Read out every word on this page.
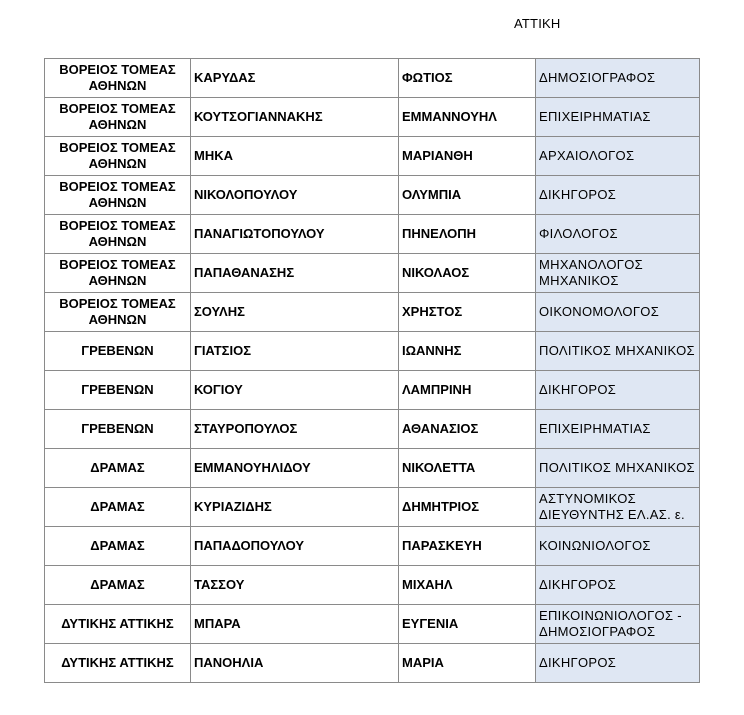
ΑΤΤΙΚΗ
ΒΟΡΕΙΟΣ ΤΟΜΕΑΣ ΑΘΗΝΩΝ	ΚΑΡΥΔΑΣ	ΦΩΤΙΟΣ	ΔΗΜΟΣΙΟΓΡΑΦΟΣ
ΒΟΡΕΙΟΣ ΤΟΜΕΑΣ ΑΘΗΝΩΝ	ΚΟΥΤΣΟΓΙΑΝΝΑΚΗΣ	ΕΜΜΑΝΝΟΥΗΛ	ΕΠΙΧΕΙΡΗΜΑΤΙΑΣ
ΒΟΡΕΙΟΣ ΤΟΜΕΑΣ ΑΘΗΝΩΝ	ΜΗΚΑ	ΜΑΡΙΑΝΘΗ	ΑΡΧΑΙΟΛΟΓΟΣ
ΒΟΡΕΙΟΣ ΤΟΜΕΑΣ ΑΘΗΝΩΝ	ΝΙΚΟΛΟΠΟΥΛΟΥ	ΟΛΥΜΠΙΑ	ΔΙΚΗΓΟΡΟΣ
ΒΟΡΕΙΟΣ ΤΟΜΕΑΣ ΑΘΗΝΩΝ	ΠΑΝΑΓΙΩΤΟΠΟΥΛΟΥ	ΠΗΝΕΛΟΠΗ	ΦΙΛΟΛΟΓΟΣ
ΒΟΡΕΙΟΣ ΤΟΜΕΑΣ ΑΘΗΝΩΝ	ΠΑΠΑΘΑΝΑΣΗΣ	ΝΙΚΟΛΑΟΣ	ΜΗΧΑΝΟΛΟΓΟΣ ΜΗΧΑΝΙΚΟΣ
ΒΟΡΕΙΟΣ ΤΟΜΕΑΣ ΑΘΗΝΩΝ	ΣΟΥΛΗΣ	ΧΡΗΣΤΟΣ	ΟΙΚΟΝΟΜΟΛΟΓΟΣ
ΓΡΕΒΕΝΩΝ	ΓΙΑΤΣΙΟΣ	ΙΩΑΝΝΗΣ	ΠΟΛΙΤΙΚΟΣ ΜΗΧΑΝΙΚΟΣ
ΓΡΕΒΕΝΩΝ	ΚΟΓΙΟΥ	ΛΑΜΠΡΙΝΗ	ΔΙΚΗΓΟΡΟΣ
ΓΡΕΒΕΝΩΝ	ΣΤΑΥΡΟΠΟΥΛΟΣ	ΑΘΑΝΑΣΙΟΣ	ΕΠΙΧΕΙΡΗΜΑΤΙΑΣ
ΔΡΑΜΑΣ	ΕΜΜΑΝΟΥΗΛΙΔΟΥ	ΝΙΚΟΛΕΤΤΑ	ΠΟΛΙΤΙΚΟΣ ΜΗΧΑΝΙΚΟΣ
ΔΡΑΜΑΣ	ΚΥΡΙΑΖΙΔΗΣ	ΔΗΜΗΤΡΙΟΣ	ΑΣΤΥΝΟΜΙΚΟΣ ΔΙΕΥΘΥΝΤΗΣ ΕΛ.ΑΣ. ε.
ΔΡΑΜΑΣ	ΠΑΠΑΔΟΠΟΥΛΟΥ	ΠΑΡΑΣΚΕΥΗ	ΚΟΙΝΩΝΙΟΛΟΓΟΣ
ΔΡΑΜΑΣ	ΤΑΣΣΟΥ	ΜΙΧΑΗΛ	ΔΙΚΗΓΟΡΟΣ
ΔΥΤΙΚΗΣ ΑΤΤΙΚΗΣ	ΜΠΑΡΑ	ΕΥΓΕΝΙΑ	ΕΠΙΚΟΙΝΩΝΙΟΛΟΓΟΣ - ΔΗΜΟΣΙΟΓΡΑΦΟΣ
ΔΥΤΙΚΗΣ ΑΤΤΙΚΗΣ	ΠΑΝΟΗΛΙΑ	ΜΑΡΙΑ	ΔΙΚΗΓΟΡΟΣ
